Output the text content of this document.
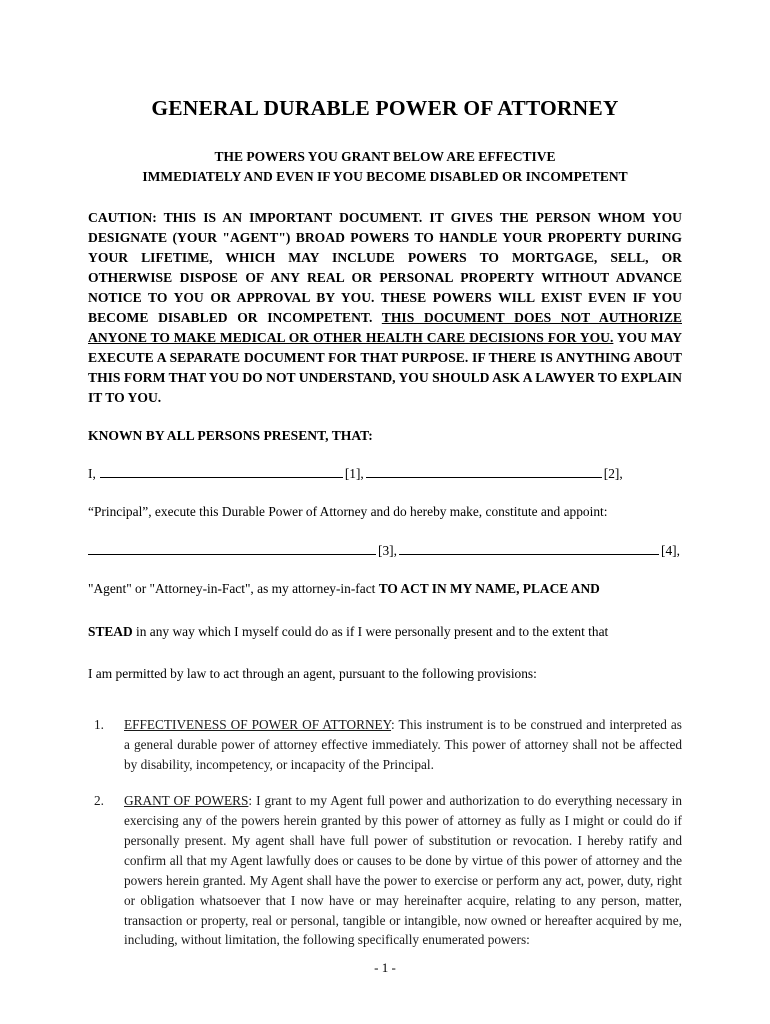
GENERAL DURABLE POWER OF ATTORNEY
THE POWERS YOU GRANT BELOW ARE EFFECTIVE
IMMEDIATELY AND EVEN IF YOU BECOME DISABLED OR INCOMPETENT

CAUTION: THIS IS AN IMPORTANT DOCUMENT. IT GIVES THE PERSON WHOM YOU DESIGNATE (YOUR "AGENT") BROAD POWERS TO HANDLE YOUR PROPERTY DURING YOUR LIFETIME, WHICH MAY INCLUDE POWERS TO MORTGAGE, SELL, OR OTHERWISE DISPOSE OF ANY REAL OR PERSONAL PROPERTY WITHOUT ADVANCE NOTICE TO YOU OR APPROVAL BY YOU. THESE POWERS WILL EXIST EVEN IF YOU BECOME DISABLED OR INCOMPETENT. THIS DOCUMENT DOES NOT AUTHORIZE ANYONE TO MAKE MEDICAL OR OTHER HEALTH CARE DECISIONS FOR YOU. YOU MAY EXECUTE A SEPARATE DOCUMENT FOR THAT PURPOSE. IF THERE IS ANYTHING ABOUT THIS FORM THAT YOU DO NOT UNDERSTAND, YOU SHOULD ASK A LAWYER TO EXPLAIN IT TO YOU.

KNOWN BY ALL PERSONS PRESENT, THAT:

I,	[1],	[2],

“Principal”, execute this Durable Power of Attorney and do hereby make, constitute and appoint:

[3],	[4],

"Agent" or "Attorney-in-Fact", as my attorney-in-fact TO ACT IN MY NAME, PLACE AND

STEAD in any way which I myself could do as if I were personally present and to the extent that

I am permitted by law to act through an agent, pursuant to the following provisions:

1. EFFECTIVENESS OF POWER OF ATTORNEY: This instrument is to be construed and interpreted as a general durable power of attorney effective immediately. This power of attorney shall not be affected by disability, incompetency, or incapacity of the Principal.
2. GRANT OF POWERS: I grant to my Agent full power and authorization to do everything necessary in exercising any of the powers herein granted by this power of attorney as fully as I might or could do if personally present. My agent shall have full power of substitution or revocation. I hereby ratify and confirm all that my Agent lawfully does or causes to be done by virtue of this power of attorney and the powers herein granted. My Agent shall have the power to exercise or perform any act, power, duty, right or obligation whatsoever that I now have or may hereinafter acquire, relating to any person, matter, transaction or property, real or personal, tangible or intangible, now owned or hereafter acquired by me, including, without limitation, the following specifically enumerated powers:
- 1 -
